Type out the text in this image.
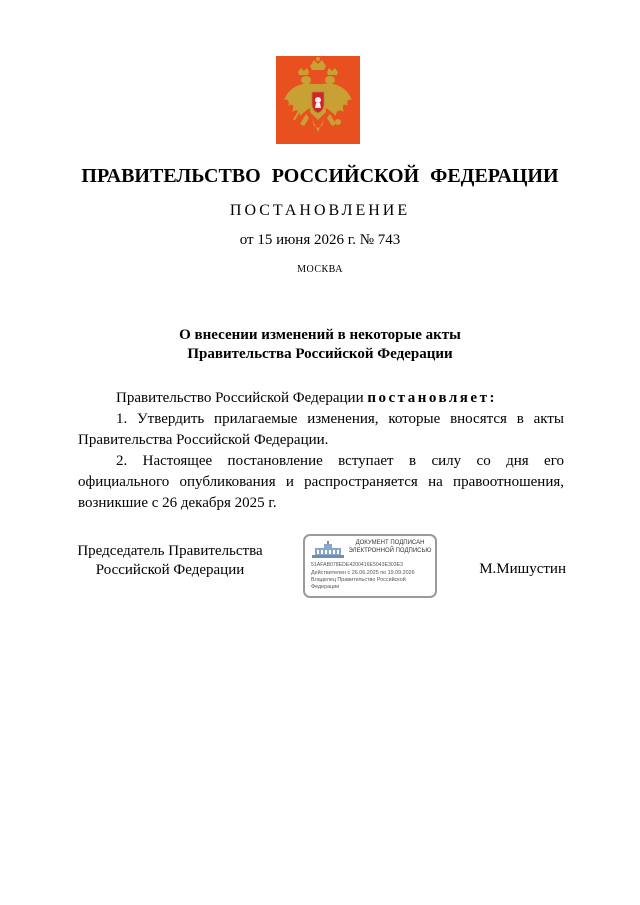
ПРАВИТЕЛЬСТВО РОССИЙСКОЙ ФЕДЕРАЦИИ
ПОСТАНОВЛЕНИЕ
от 15 июня 2026 г. № 743
МОСКВА
О внесении изменений в некоторые акты
Правительства Российской Федерации

Правительство Российской Федерации постановляет:

1. Утвердить прилагаемые изменения, которые вносятся в акты Правительства Российской Федерации.

2. Настоящее постановление вступает в силу со дня его официального опубликования и распространяется на правоотношения, возникшие с 26 декабря 2025 г.

Председатель Правительства
Российской Федерации
ДОКУМЕНТ ПОДПИСАН
ЭЛЕКТРОННОЙ ПОДПИСЬЮ
51AFAB078EDE4200416E5043E303E3
Действителен с 26.06.2025 по 19.09.2026
Владелец Правительство Российской Федерации
М.Мишустин
